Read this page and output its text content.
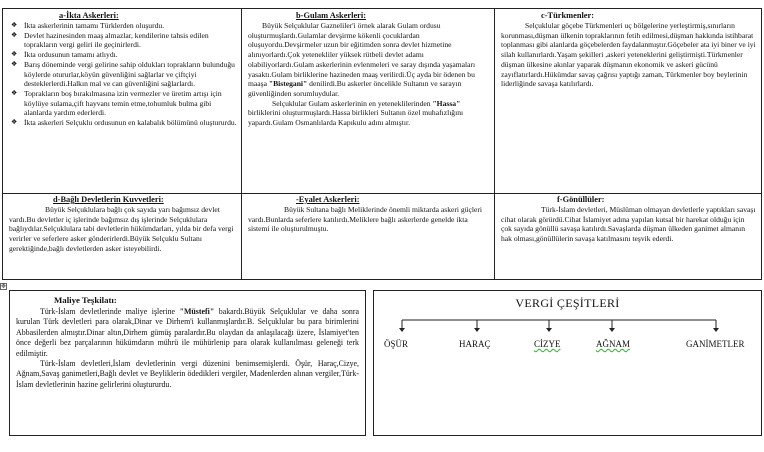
a-İkta Askerleri:
❖ İkta askerlerinin tamamı Türklerden oluşurdu.
❖ Devlet hazinesinden maaş almazlar, kendilerine tahsis edilen toprakların vergi geliri ile geçinirlerdi.
❖ İkta ordusunun tamamı atlıydı.
❖ Barış döneminde vergi gelirine sahip oldukları toprakların bulunduğu köylerde otururlar,köyün güvenliğini sağlarlar ve çiftçiyi desteklerlerdi.Halkın mal ve can güvenliğini sağlarlardı.
❖ Toprakların boş bırakılmasına izin vermezler ve üretim artışı için köylüye sulama,çift hayvanı temin etme,tohumluk bulma gibi alanlarda yardım ederlerdi.
❖ İkta askerleri Selçuklu ordusunun en kalabalık bölümünü oluştururdu.
b-Gulam Askerleri:

Büyük Selçuklular Gazneliler'i örnek alarak Gulam ordusu oluşturmuşlardı.Gulamlar devşirme kökenli çocuklardan oluşuyordu.Devşirmeler uzun bir eğitimden sonra devlet hizmetine alınıyorlardı.Çok yetenekliler yüksek rütbeli devlet adamı olabiliyorlardı.Gulam askerlerinin evlenmeleri ve saray dışında yaşamaları yasaktı.Gulam birliklerine hazineden maaş verilirdi.Üç ayda bir ödenen bu maaşa "Bistegani" denilirdi.Bu askerler öncelikle Sultanın ve sarayın güvenliğinden sorumluydular.

Selçuklular Gulam askerlerinin en yeteneklilerinden "Hassa" birliklerini oluşturmuşlardı.Hassa birlikleri Sultanın özel muhafızlığını yapardı.Gulam Osmanlılarda Kapıkulu adını almıştır.

c-Türkmenler:

Selçuklular göçebe Türkmenleri uç bölgelerine yerleştirmiş,sınırların korunması,düşman ülkenin topraklarının fetih edilmesi,düşman hakkında istihbarat toplanması gibi alanlarda göçebelerden faydalanmıştır.Göçebeler ata iyi biner ve iyi silah kullanırlardı.Yaşam şekilleri ,askeri yeteneklerini geliştirmişti.Türkmenler düşman ülkesine akınlar yaparak düşmanın ekonomik ve askeri gücünü zayıflatırlardı.Hükümdar savaş çağrısı yaptığı zaman, Türkmenler boy beylerinin liderliğinde savaşa katılırlardı.

d-Bağlı Devletlerin Kuvvetleri:

Büyük Selçuklulara bağlı çok sayıda yarı bağımsız devlet vardı.Bu devletler iç işlerinde bağımsız dış işlerinde Selçuklulara bağlıydılar.Selçuklulara tabi devletlerin hükümdarları, yılda bir defa vergi verirler ve seferlere asker gönderirlerdi.Büyük Selçuklu Sultanı gerektiğinde,bağlı devletlerden asker isteyebilirdi.

-Eyalet Askerleri:

Büyük Sultana bağlı Meliklerinde önemli miktarda askeri güçleri vardı.Bunlarda seferlere katılırdı.Meliklere bağlı askerlerde genelde ikta sistemi ile oluşturulmuştu.

f-Gönüllüler:

Türk-İslam devletleri, Müslüman olmayan devletlerle yaptıkları savaşı cihat olarak görürdü.Cihat İslamiyet adına yapılan kutsal bir harekat olduğu için çok sayıda gönüllü savaşa katılırdı.Savaşlarda düşman ülkeden ganimet almanın hak olması,gönüllülerin savaşa katılmasını teşvik ederdi.

✥
Maliye Teşkilatı:

Türk-İslam devletlerinde maliye işlerine "Müstefi" bakardı.Büyük Selçuklular ve daha sonra kurulan Türk devletleri para olarak,Dinar ve Dirhem'i kullanmışlardır.B. Selçuklular bu para birimlerini Abbasilerden almıştır.Dinar altın,Dirhem gümüş paralardır.Bu olaydan da anlaşılacağı üzere, İslamiyet'ten önce değerli bez parçalarının hükümdarın mührü ile mühürlenip para olarak kullanılması geleneği terk edilmiştir.

Türk-İslam devletleri,İslam devletlerinin vergi düzenini benimsemişlerdi. Öşür, Haraç,Cizye, Ağnam,Savaş ganimetleri,Bağlı devlet ve Beyliklerin ödedikleri vergiler, Madenlerden alınan vergiler,Türk-İslam devletlerinin hazine gelirlerini oluştururdu.

VERGİ ÇEŞİTLERİ
ÖŞÜR	HARAÇ	CİZYE	AĞNAM	GANİMETLER
